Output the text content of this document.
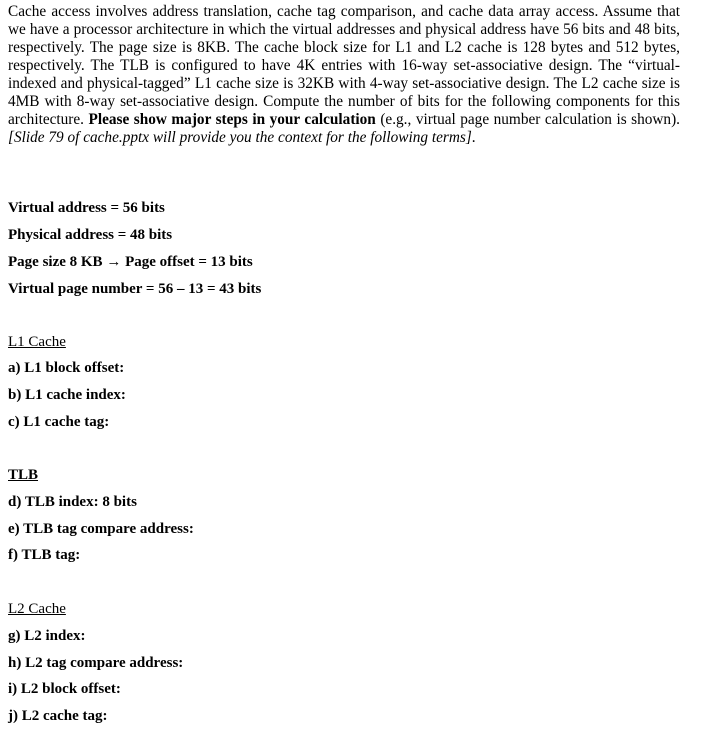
Cache access involves address translation, cache tag comparison, and cache data array access. Assume that we have a processor architecture in which the virtual addresses and physical address have 56 bits and 48 bits, respectively. The page size is 8KB. The cache block size for L1 and L2 cache is 128 bytes and 512 bytes, respectively. The TLB is configured to have 4K entries with 16-way set-associative design. The “virtual-indexed and physical-tagged” L1 cache size is 32KB with 4-way set-associative design. The L2 cache size is 4MB with 8-way set-associative design. Compute the number of bits for the following components for this architecture. Please show major steps in your calculation (e.g., virtual page number calculation is shown). [Slide 79 of cache.pptx will provide you the context for the following terms].

Virtual address = 56 bits
Physical address = 48 bits
Page size 8 KB → Page offset = 13 bits
Virtual page number = 56 – 13 = 43 bits
L1 Cache
a) L1 block offset:
b) L1 cache index:
c) L1 cache tag:
TLB
d) TLB index: 8 bits
e) TLB tag compare address:
f) TLB tag:
L2 Cache
g) L2 index:
h) L2 tag compare address:
i) L2 block offset:
j) L2 cache tag:
